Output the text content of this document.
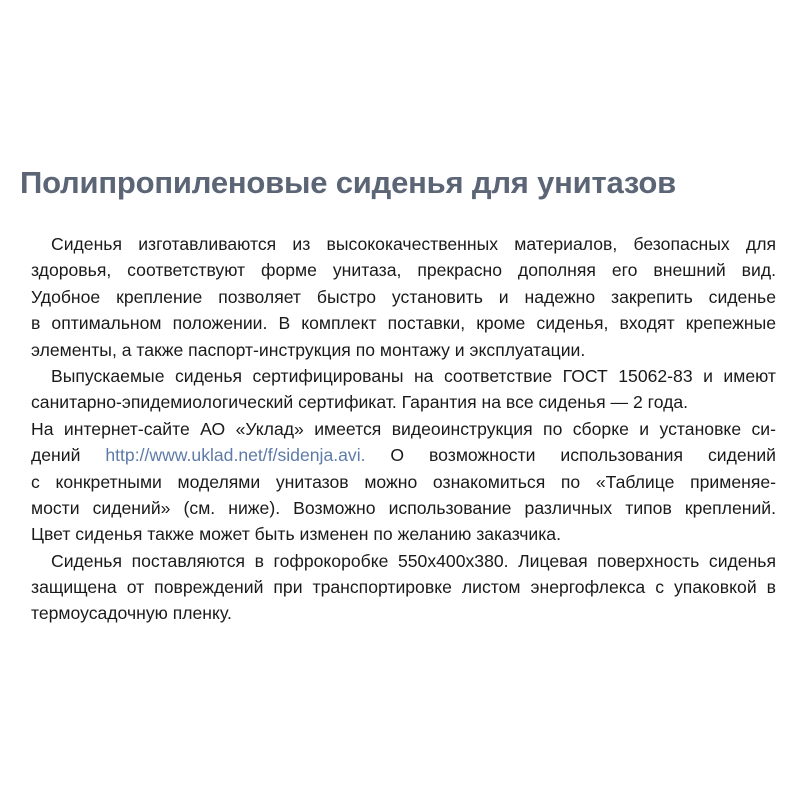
Полипропиленовые сиденья для унитазов
Сиденья изготавливаются из высококачественных материалов, безопасных для
здоровья, соответствуют форме унитаза, прекрасно дополняя его внешний вид.
Удобное крепление позволяет быстро установить и надежно закрепить сиденье
в оптимальном положении. В комплект поставки, кроме сиденья, входят крепежные
элементы, а также паспорт-инструкция по монтажу и эксплуатации.
Выпускаемые сиденья сертифицированы на соответствие ГОСТ 15062-83 и имеют
санитарно-эпидемиологический сертификат. Гарантия на все сиденья — 2 года.
На интернет-сайте АО «Уклад» имеется видеоинструкция по сборке и установке си-
дений http://www.uklad.net/f/sidenja.avi. О возможности использования сидений
с конкретными моделями унитазов можно ознакомиться по «Таблице применяе-
мости сидений» (см. ниже). Возможно использование различных типов креплений.
Цвет сиденья также может быть изменен по желанию заказчика.
Сиденья поставляются в гофрокоробке 550х400х380. Лицевая поверхность сиденья
защищена от повреждений при транспортировке листом энергофлекса с упаковкой в
термоусадочную пленку.
